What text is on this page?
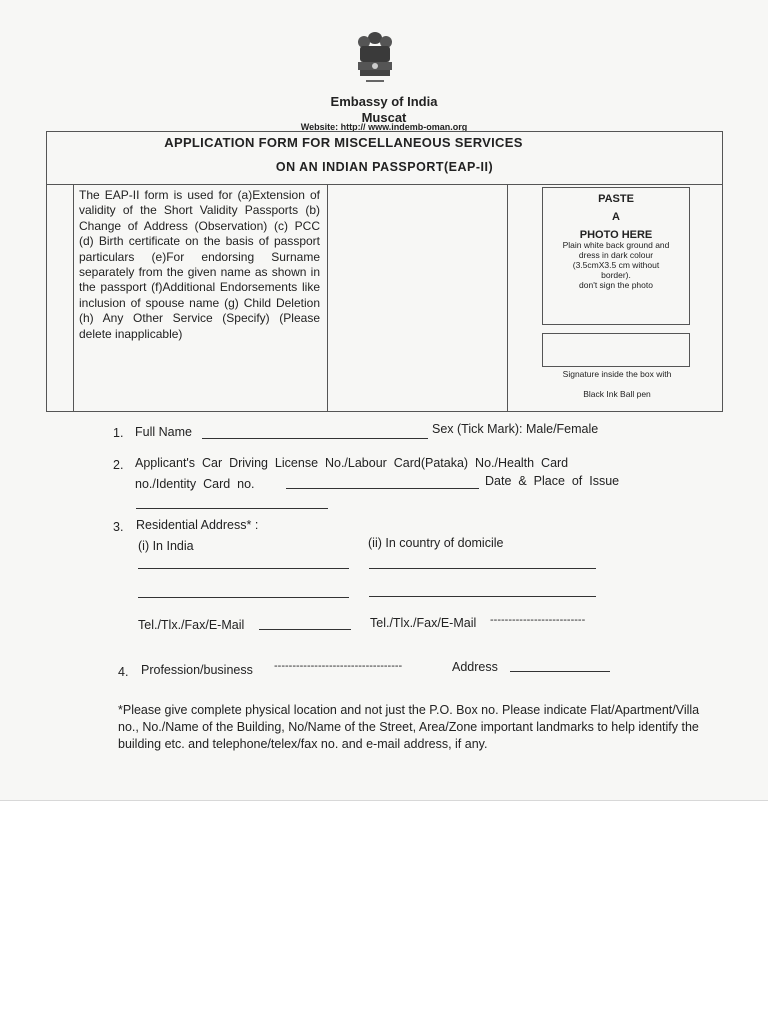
Embassy of India
Muscat
Website: http:// www.indemb-oman.org
APPLICATION FORM FOR MISCELLANEOUS SERVICES
ON AN INDIAN PASSPORT(EAP-II)
The EAP-II form is used for (a)Extension of validity of the Short Validity Passports (b) Change of Address (Observation) (c) PCC (d) Birth certificate on the basis of passport particulars (e)For endorsing Surname separately from the given name as shown in the passport (f)Additional Endorsements like inclusion of spouse name (g) Child Deletion (h) Any Other Service (Specify) (Please delete inapplicable)
PASTE
A
PHOTO HERE
Plain white back ground and
dress in dark colour
(3.5cmX3.5 cm without
border).
don't sign the photo
Signature inside the box with
Black Ink Ball pen
1. Full Name	Sex (Tick Mark): Male/Female
2. Applicant's  Car  Driving  License  No./Labour  Card(Pataka)  No./Health  Card
no./Identity  Card  no.	Date  &  Place  of  Issue
3. Residential Address* :
(i) In India	(ii) In country of domicile
Tel./Tlx./Fax/E-Mail	Tel./Tlx./Fax/E-Mail --------------------------
4. Profession/business -----------------------------------	Address
*Please give complete physical location and not just the P.O. Box no. Please indicate Flat/Apartment/Villa no., No./Name of the Building, No/Name of the Street, Area/Zone important landmarks to help identify the building etc. and telephone/telex/fax no. and e-mail address, if any.
